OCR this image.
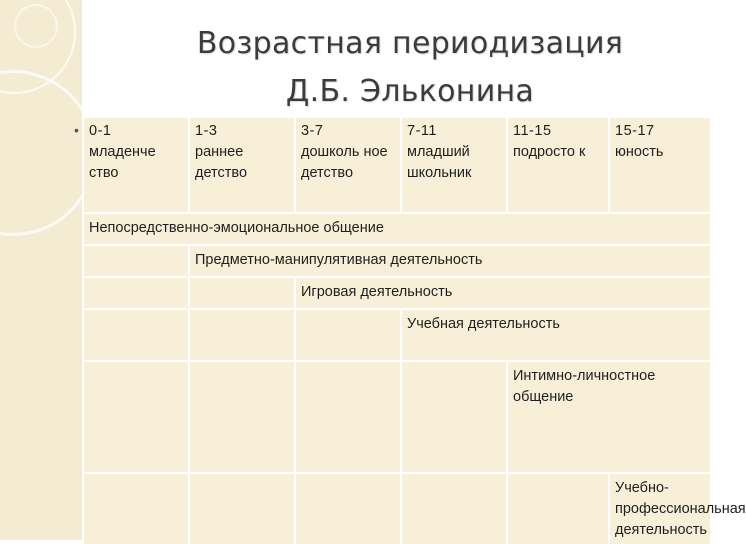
Возрастная периодизация
Д.Б. Эльконина
• 0-1
младенче ство
1-3
раннее детство
3-7
дошколь ное детство
7-11
младший школьник
11-15
подросто к
15-17
юность
Непосредственно-эмоциональное общение
Предметно-манипулятивная деятельность
Игровая деятельность
Учебная деятельность
Интимно-личностное общение
Учебно-профессиональная деятельность
